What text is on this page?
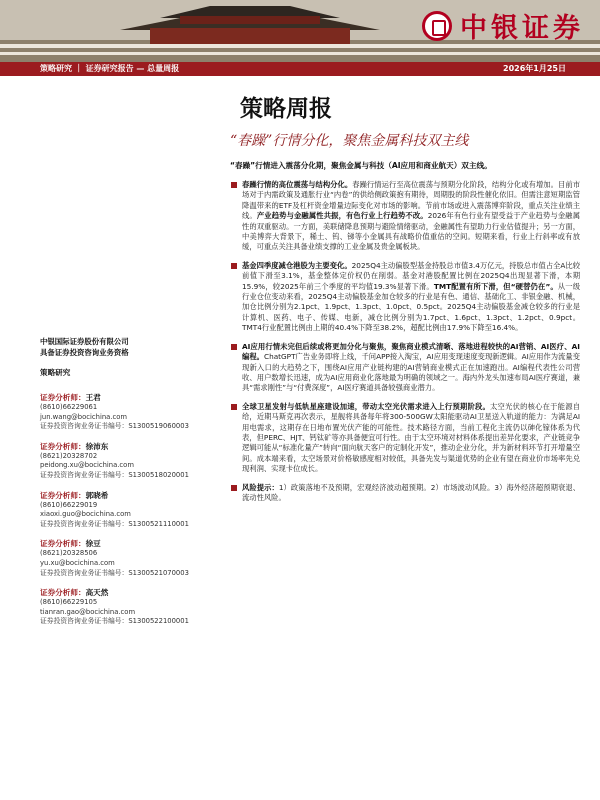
中银证券
策略研究 ｜ 证券研究报告 — 总量周报	2026年1月25日
策略周报
“春躁”行情分化，聚焦金属科技双主线
“春躁”行情进入震荡分化期，聚焦金属与科技（AI应用和商业航天）双主线。
春躁行情的高位震荡与结构分化。春躁行情运行至高位震荡与预期分化阶段，结构分化或有增加。目前市场对于内需政策及通胀行业“内卷”的供给侧政策抱有期待，周期股的阶段性催化依旧。但需注意短期监管降温带来的ETF及杠杆资金增量边际变化对市场的影响。节前市场或进入震荡博弈阶段，重点关注业绩主线。产业趋势与金融属性共振，有色行业上行趋势不改。2026年有色行业有望受益于产业趋势与金融属性的双重驱动。一方面，美联储降息预期与避险情绪驱动，金融属性有望助力行业估值提升；另一方面，中美博弈大背景下，稀土、钨、锑等小金属具有战略价值重估的空间。短期来看，行业上行斜率或有放缓，可重点关注具备业绩支撑的工业金属及贵金属板块。
基金四季度减仓港股为主要变化。2025Q4主动偏股型基金持股总市值3.4万亿元，持股总市值占全A比较前值下滑至3.1%，基金整体定价权仍在削弱。基金对港股配置比例在2025Q4出现显著下滑，本期15.9%，较2025年前三个季度的平均值19.3%显著下滑。TMT配置有所下滑，但“硬替仍在”。从一级行业仓位变动来看，2025Q4主动偏股基金加仓较多的行业是有色、通信、基础化工、非银金融、机械，加仓比例分别为2.1pct、1.9pct、1.3pct、1.0pct、0.5pct。2025Q4主动偏股基金减仓较多的行业是计算机、医药、电子、传媒、电新，减仓比例分别为1.7pct、1.6pct、1.3pct、1.2pct、0.9pct。TMT4行业配置比例由上期的40.4%下降至38.2%，超配比例由17.9%下降至16.4%。
AI应用行情未完但后续或将更加分化与聚焦，聚焦商业模式清晰、落地进程较快的AI营销、AI医疗、AI编程。ChatGPT广告业务即将上线，千问APP接入淘宝，AI应用变现速度变现新逻辑。AI应用作为流量变现新入口的大趋势之下，围绕AI应用产业链构建的AI营销商业模式正在加速跑出。AI编程代表性公司营收、用户数增长迅速，成为AI应用商业化落地最为明确的领域之一。海内外龙头加速布局AI医疗赛道，兼具“需求刚性”与“付费深度”，AI医疗赛道具备较强商业潜力。
全球卫星发射与低轨星座建设加速，带动太空光伏需求进入上行预期阶段。太空光伏的核心在于能源自给，近期马斯克再次表示，星舰将具备每年将300-500GW太阳能驱动AI卫星送入轨道的能力：为满足AI用电需求，这期存在日地布置光伏产能的可能性。技术路径方面，当前工程化主流仍以砷化镓体系为代表，但PERC、HJT、钙钛矿等亦具备便宜可行性。由于太空环境对材料体系提出差异化要求，产业链竞争逻辑可能从“标准化量产”转向“面向航天客户的定制化开发”，推动企业分化，并为新材料环节打开增量空间。成本端来看，太空场景对价格敏感度相对较低，具备先发与渠道优势的企业有望在商业价市场率先兑现利润、实现卡位成长。
风险提示：1）政策落地不及预期，宏观经济波动超预期。2）市场波动风险。3）海外经济超预期衰退、流动性风险。
中银国际证券股份有限公司
具备证券投资咨询业务资格
策略研究
证券分析师：王君
(8610)66229061
jun.wang@bocichina.com
证券投资咨询业务证书编号：S1300519060003
证券分析师：徐沛东
(8621)20328702
peidong.xu@bocichina.com
证券投资咨询业务证书编号：S1300518020001
证券分析师：郭晓希
(8610)66229019
xiaoxi.guo@bocichina.com
证券投资咨询业务证书编号：S1300521110001
证券分析师：徐豆
(8621)20328506
yu.xu@bocichina.com
证券投资咨询业务证书编号：S1300521070003
证券分析师：高天然
(8610)66229105
tianran.gao@bocichina.com
证券投资咨询业务证书编号：S1300522100001
